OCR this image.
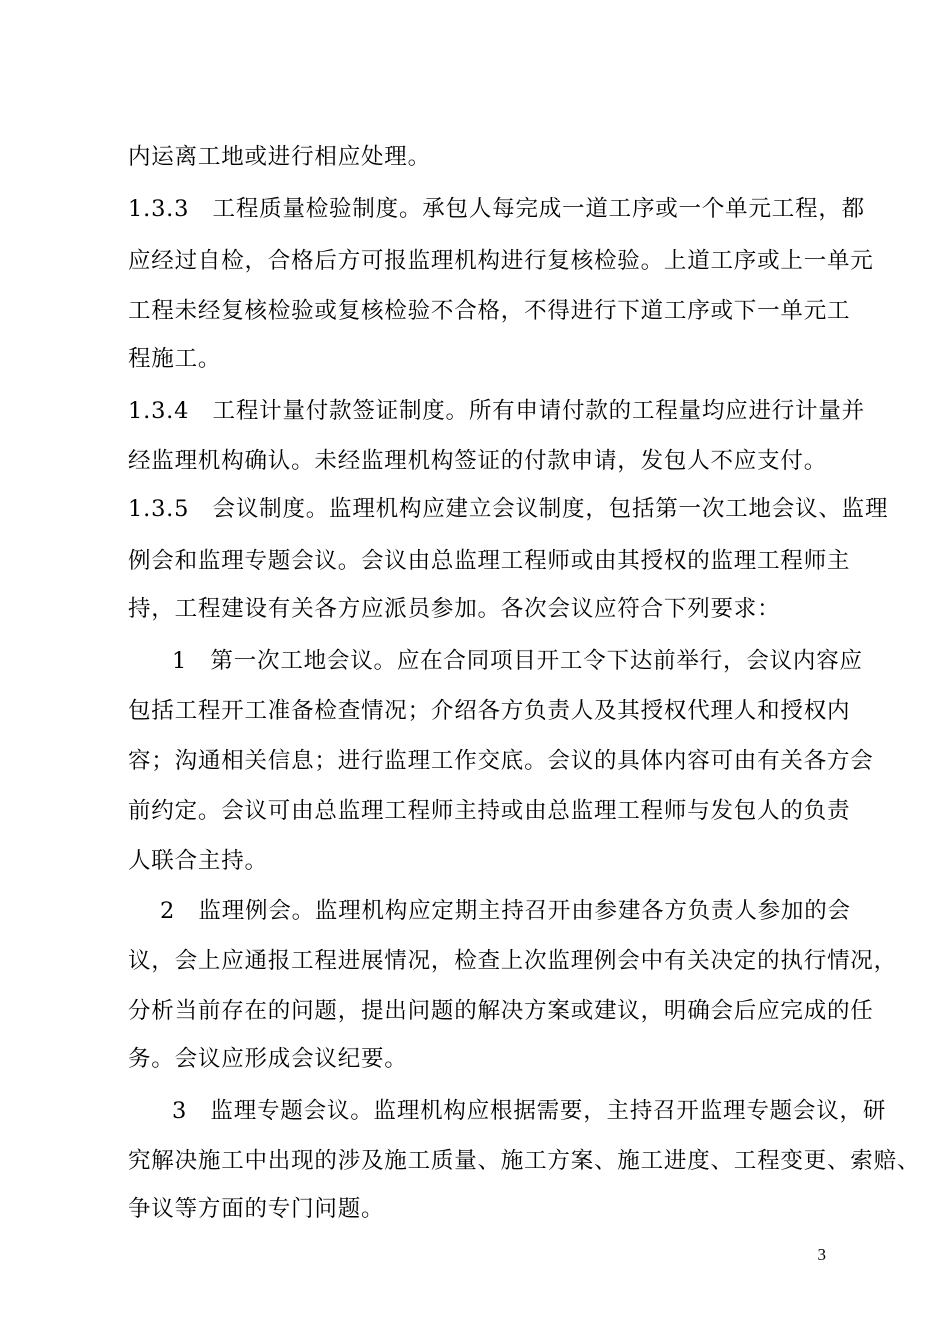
内运离工地或进行相应处理。
1.3.3　工程质量检验制度。承包人每完成一道工序或一个单元工程，都
应经过自检，合格后方可报监理机构进行复核检验。上道工序或上一单元
工程未经复核检验或复核检验不合格，不得进行下道工序或下一单元工
程施工。
1.3.4　工程计量付款签证制度。所有申请付款的工程量均应进行计量并
经监理机构确认。未经监理机构签证的付款申请，发包人不应支付。
1.3.5　会议制度。监理机构应建立会议制度，包括第一次工地会议、监理
例会和监理专题会议。会议由总监理工程师或由其授权的监理工程师主
持，工程建设有关各方应派员参加。各次会议应符合下列要求：
1　第一次工地会议。应在合同项目开工令下达前举行，会议内容应
包括工程开工准备检查情况；介绍各方负责人及其授权代理人和授权内
容；沟通相关信息；进行监理工作交底。会议的具体内容可由有关各方会
前约定。会议可由总监理工程师主持或由总监理工程师与发包人的负责
人联合主持。
2　监理例会。监理机构应定期主持召开由参建各方负责人参加的会
议，会上应通报工程进展情况，检查上次监理例会中有关决定的执行情况，
分析当前存在的问题，提出问题的解决方案或建议，明确会后应完成的任
务。会议应形成会议纪要。
3　监理专题会议。监理机构应根据需要，主持召开监理专题会议，研
究解决施工中出现的涉及施工质量、施工方案、施工进度、工程变更、索赔、
争议等方面的专门问题。
3
